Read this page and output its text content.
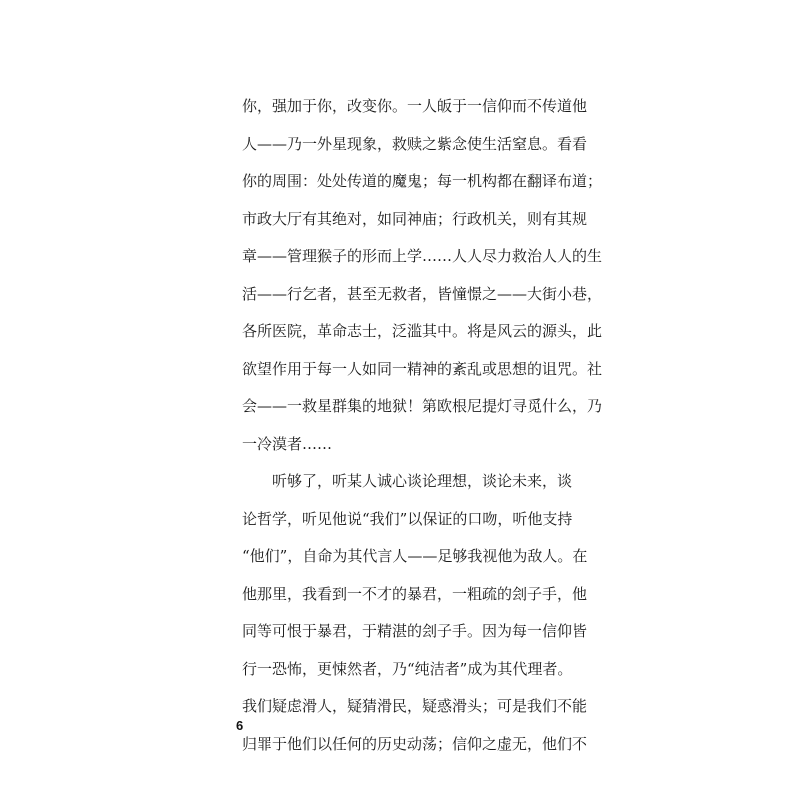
你，强加于你，改变你。一人皈于一信仰而不传道他
人——乃一外星现象，救赎之紫念使生活窒息。看看
你的周围：处处传道的魔鬼；每一机构都在翻译布道；
市政大厅有其绝对，如同神庙；行政机关，则有其规
章——管理猴子的形而上学……人人尽力救治人人的生
活——行乞者，甚至无救者，皆憧憬之——大街小巷，
各所医院，革命志士，泛滥其中。将是风云的源头，此
欲望作用于每一人如同一精神的紊乱或思想的诅咒。社
会——一救星群集的地狱！第欧根尼提灯寻觅什么，乃
一冷漠者……
　　听够了，听某人诚心谈论理想，谈论未来，谈
论哲学，听见他说“我们”以保证的口吻，听他支持
“他们”，自命为其代言人——足够我视他为敌人。在
他那里，我看到一不才的暴君，一粗疏的刽子手，他
同等可恨于暴君，于精湛的刽子手。因为每一信仰皆
行一恐怖，更悚然者，乃“纯洁者”成为其代理者。
我们疑虑滑人，疑猜滑民，疑惑滑头；可是我们不能
归罪于他们以任何的历史动荡；信仰之虚无，他们不
6
